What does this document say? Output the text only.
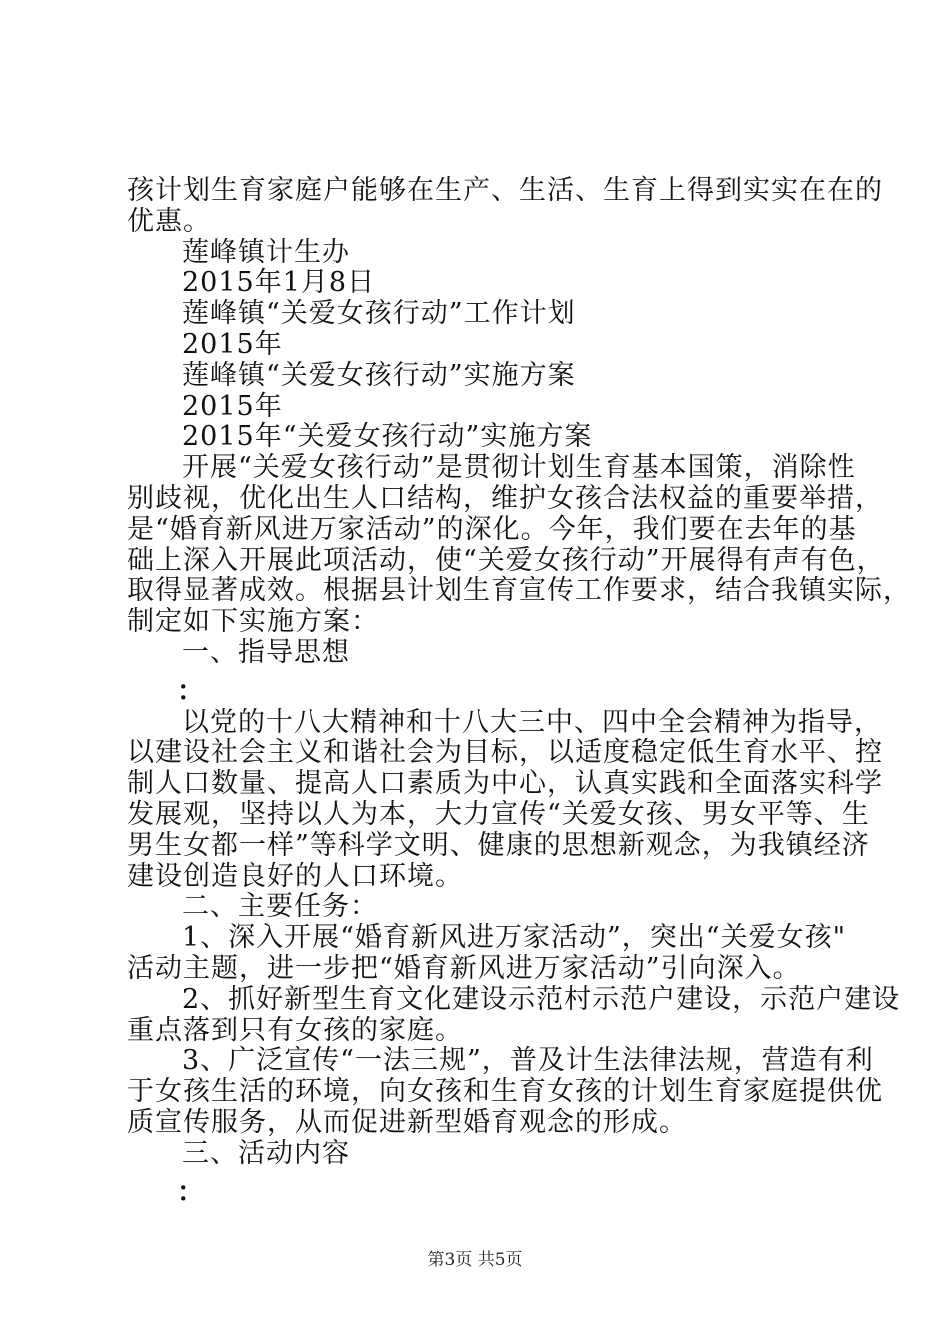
孩计划生育家庭户能够在生产、生活、生育上得到实实在在的
优惠。
莲峰镇计生办
2015年1月8日
莲峰镇“关爱女孩行动”工作计划
2015年
莲峰镇“关爱女孩行动”实施方案
2015年
2015年“关爱女孩行动”实施方案
开展“关爱女孩行动”是贯彻计划生育基本国策，消除性
别歧视，优化出生人口结构，维护女孩合法权益的重要举措，
是“婚育新风进万家活动”的深化。今年，我们要在去年的基
础上深入开展此项活动，使“关爱女孩行动”开展得有声有色，
取得显著成效。根据县计划生育宣传工作要求，结合我镇实际，
制定如下实施方案：
一、指导思想
：
以党的十八大精神和十八大三中、四中全会精神为指导，
以建设社会主义和谐社会为目标，以适度稳定低生育水平、控
制人口数量、提高人口素质为中心，认真实践和全面落实科学
发展观，坚持以人为本，大力宣传“关爱女孩、男女平等、生
男生女都一样”等科学文明、健康的思想新观念，为我镇经济
建设创造良好的人口环境。
二、主要任务：
1、深入开展“婚育新风进万家活动”，突出“关爱女孩"
活动主题，进一步把“婚育新风进万家活动”引向深入。
2、抓好新型生育文化建设示范村示范户建设，示范户建设
重点落到只有女孩的家庭。
3、广泛宣传“一法三规”，普及计生法律法规，营造有利
于女孩生活的环境，向女孩和生育女孩的计划生育家庭提供优
质宣传服务，从而促进新型婚育观念的形成。
三、活动内容
：
第3页 共5页
